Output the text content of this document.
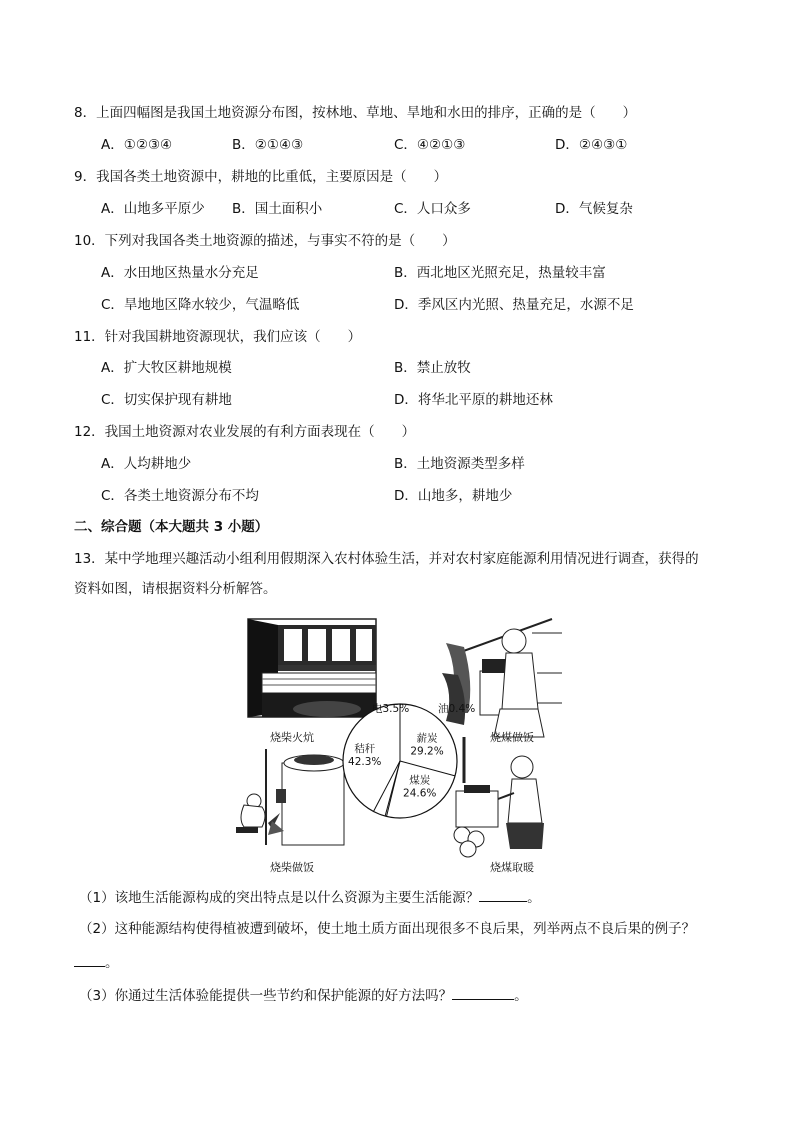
8．上面四幅图是我国土地资源分布图，按林地、草地、旱地和水田的排序，正确的是（　　）
A．①②③④	B．②①④③	C．④②①③	D．②④③①
9．我国各类土地资源中，耕地的比重低，主要原因是（　　）
A．山地多平原少 B．国土面积小	C．人口众多	D．气候复杂
10．下列对我国各类土地资源的描述，与事实不符的是（　　）
A．水田地区热量水分充足	B．西北地区光照充足，热量较丰富
C．旱地地区降水较少，气温略低	D．季风区内光照、热量充足，水源不足
11．针对我国耕地资源现状，我们应该（　　）
A．扩大牧区耕地规模	B．禁止放牧
C．切实保护现有耕地	D．将华北平原的耕地还林
12．我国土地资源对农业发展的有利方面表现在（　　）
A．人均耕地少	B．土地资源类型多样
C．各类土地资源分布不均	D．山地多，耕地少
二、综合题（本大题共 3 小题）
13．某中学地理兴趣活动小组利用假期深入农村体验生活，并对农村家庭能源利用情况进行调查，获得的
资料如图，请根据资料分析解答。
烧柴火炕	烧煤做饭
烧柴做饭	烧煤取暖
秸秆
42.3%
薪炭
29.2%
煤炭
24.6%
油0.4%
电3.5%
（1）该地生活能源构成的突出特点是以什么资源为主要生活能源？	。
（2）这种能源结构使得植被遭到破坏，使土地土质方面出现很多不良后果，列举两点不良后果的例子？
。
（3）你通过生活体验能提供一些节约和保护能源的好方法吗？	。
